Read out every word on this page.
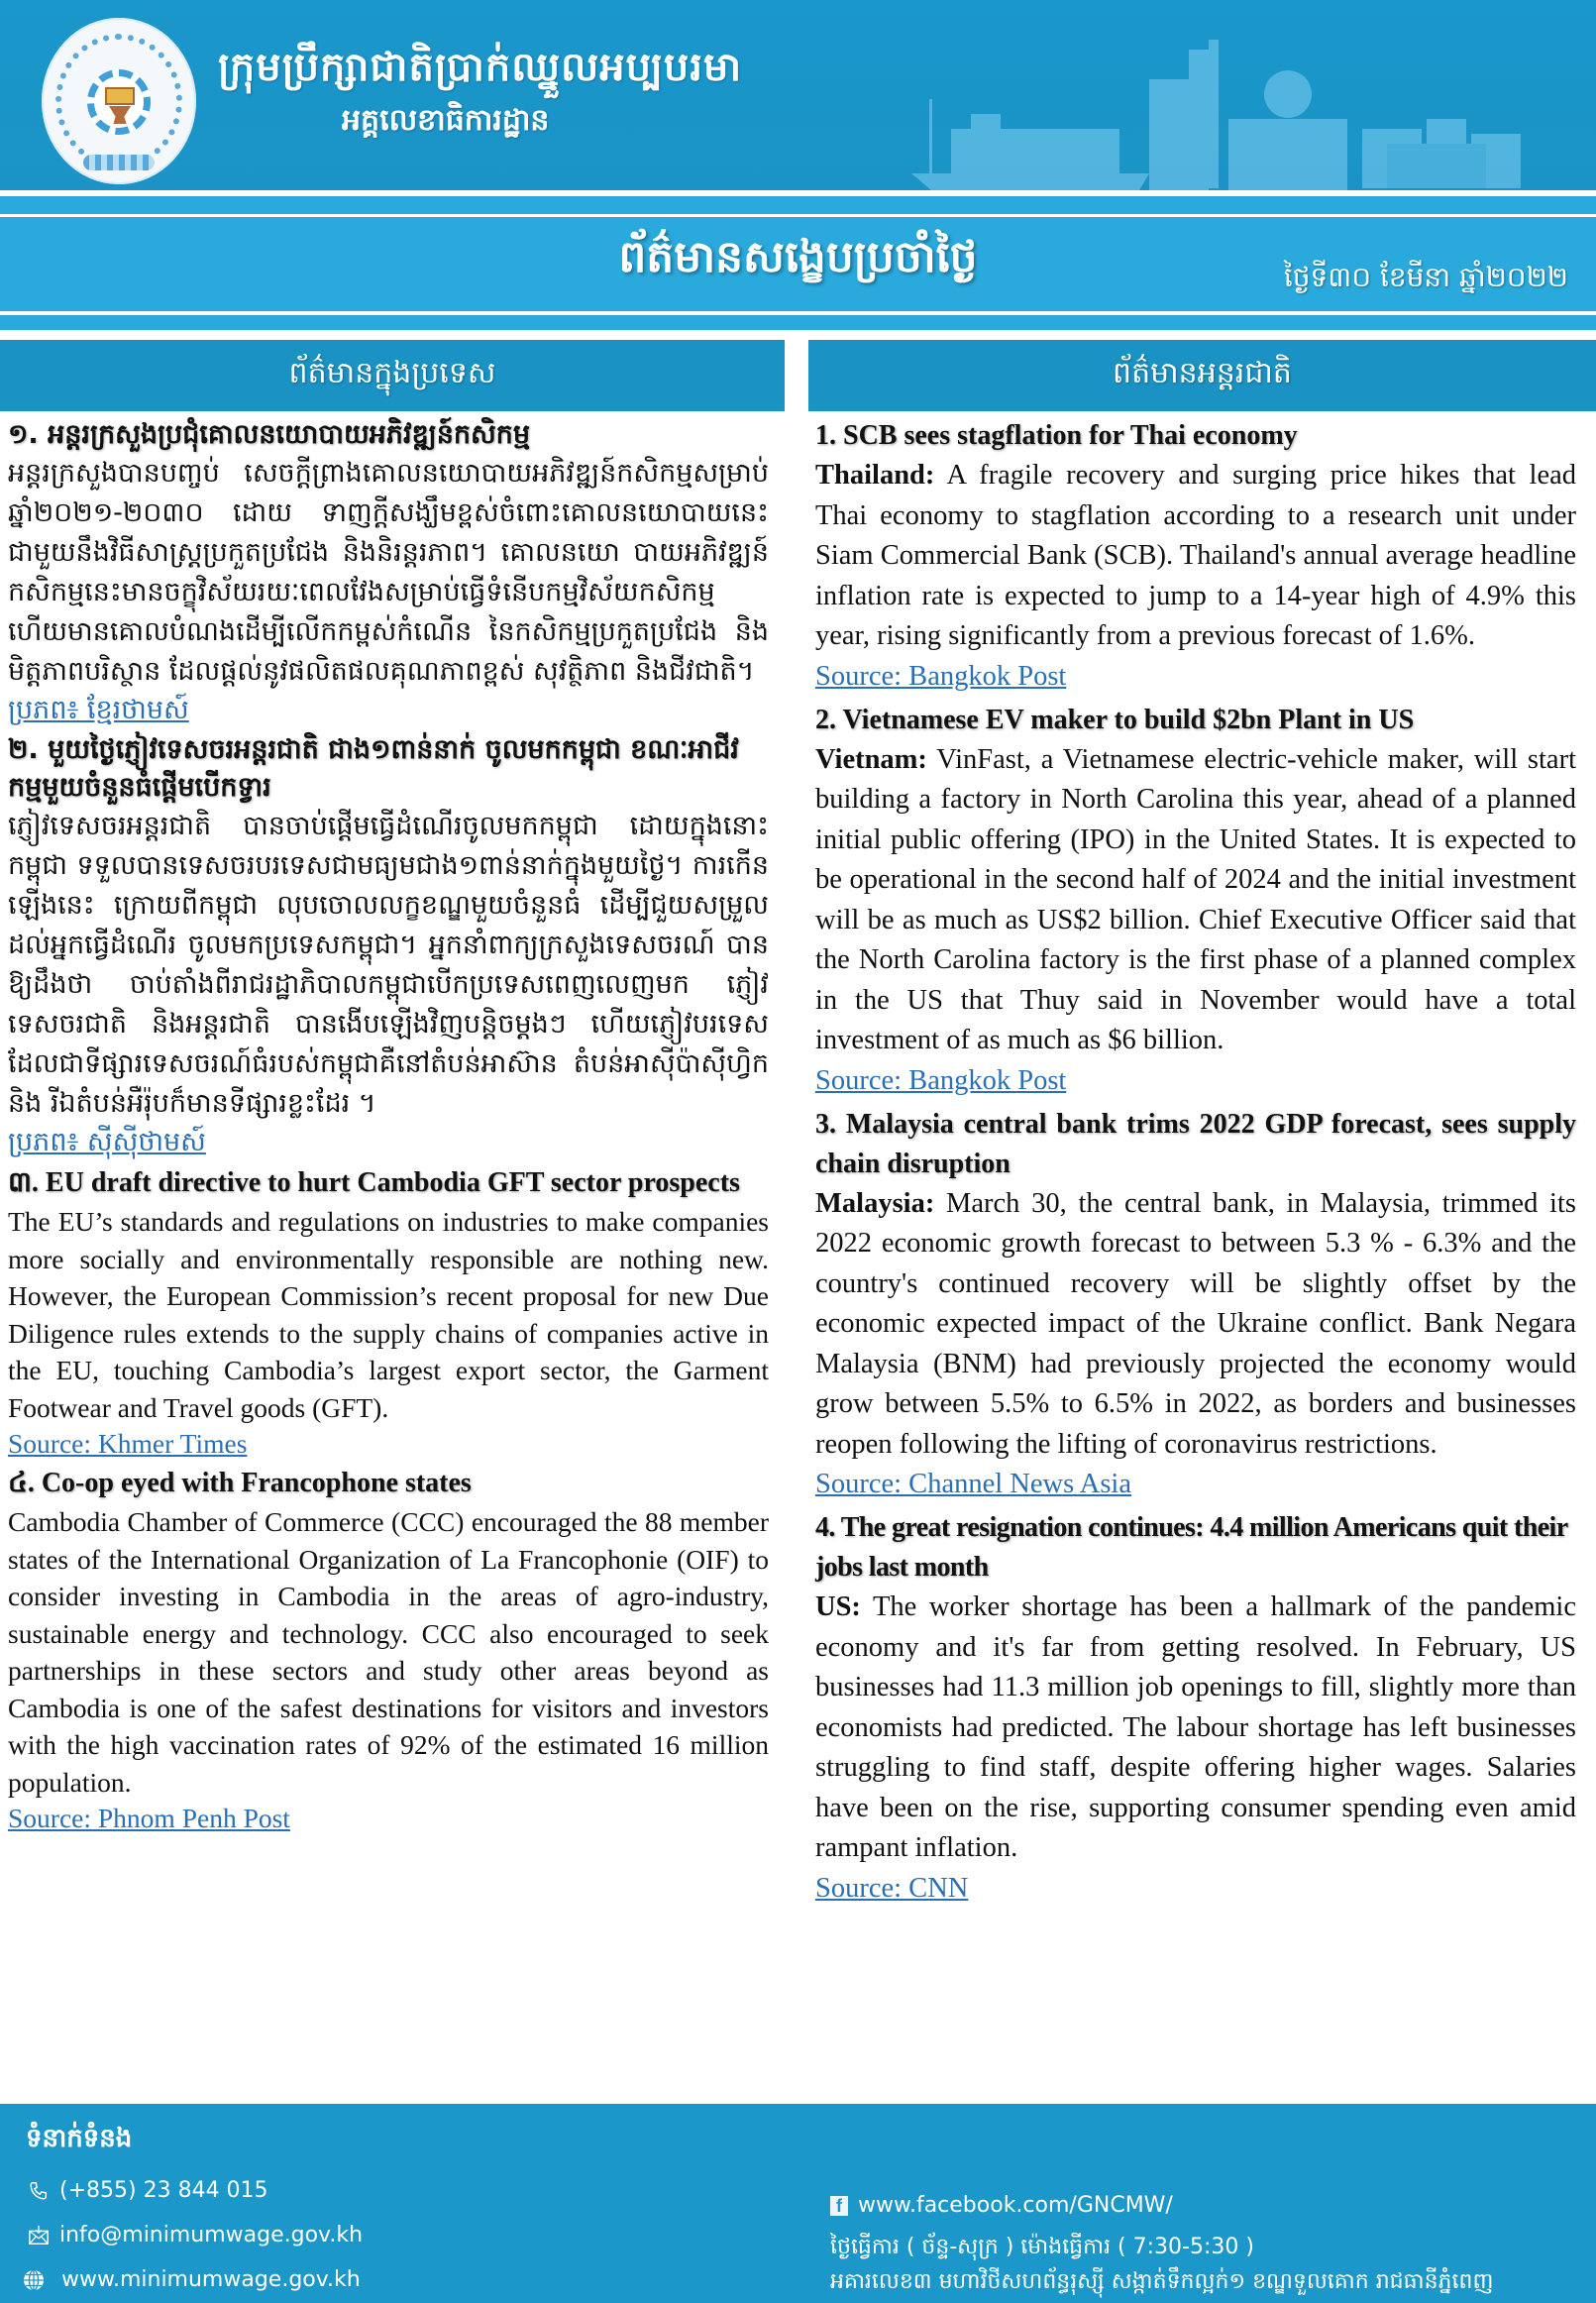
ក្រុមប្រឹក្សាជាតិប្រាក់ឈ្នួលអប្បបរមា
អគ្គលេខាធិការដ្ឋាន
ព័ត៌មានសង្ខេបប្រចាំថ្ងៃ	ថ្ងៃទី៣០ ខែមីនា ឆ្នាំ២០២២
ព័ត៌មានក្នុងប្រទេស	ព័ត៌មានអន្តរជាតិ

១. អន្តរក្រសួងប្រជុំគោលនយោបាយអភិវឌ្ឍន៍កសិកម្ម

អន្តរក្រសួងបានបញ្ចប់ សេចក្តីព្រាងគោលនយោបាយអភិវឌ្ឍន៍កសិកម្មសម្រាប់ឆ្នាំ២០២១-២០៣០ ដោយ ទាញក្តីសង្ឃឹមខ្ពស់ចំពោះគោលនយោបាយនេះជាមួយនឹងវិធីសាស្ត្រប្រកួតប្រជែង និងនិរន្តរភាព។ គោលនយោ បាយអភិវឌ្ឍន៍កសិកម្មនេះមានចក្ខុវិស័យរយៈពេលវែងសម្រាប់ធ្វើទំនើបកម្មវិស័យកសិកម្ម ហើយមានគោលបំណងដើម្បីលើកកម្ពស់កំណើន នៃកសិកម្មប្រកួតប្រជែង និងមិត្តភាពបរិស្ថាន ដែលផ្តល់នូវផលិតផលគុណភាពខ្ពស់ សុវត្ថិភាព និងជីវជាតិ។

ប្រភព៖ ខ្មែរថាមស៍

២. មួយថ្ងៃភ្ញៀវទេសចរអន្តរជាតិ ជាង១ពាន់នាក់ ចូលមកកម្ពុជា ខណៈអាជីវកម្មមួយចំនួនធំផ្តើមបើកទ្វារ

ភ្ញៀវទេសចរអន្តរជាតិ បានចាប់ផ្តើមធ្វើដំណើរចូលមកកម្ពុជា ដោយក្នុងនោះកម្ពុជា ទទួលបានទេសចរបរទេសជាមធ្យមជាង១ពាន់នាក់ក្នុងមួយថ្ងៃ។ ការកើនឡើងនេះ ក្រោយពីកម្ពុជា លុបចោលលក្ខខណ្ឌមួយចំនួនធំ ដើម្បីជួយសម្រួលដល់អ្នកធ្វើដំណើរ ចូលមកប្រទេសកម្ពុជា។ អ្នកនាំពាក្យក្រសួងទេសចរណ៍ បានឱ្យដឹងថា ចាប់តាំងពីរាជរដ្ឋាភិបាលកម្ពុជាបើកប្រទេសពេញលេញមក ភ្ញៀវទេសចរជាតិ និងអន្តរជាតិ បានងើបឡើងវិញបន្តិចម្តងៗ ហើយភ្ញៀវបរទេសដែលជាទីផ្សារទេសចរណ៍ធំរបស់កម្ពុជាគឺនៅតំបន់អាស៊ាន តំបន់អាស៊ីប៉ាស៊ីហ្វិក និង រីឯតំបន់អឺរ៉ុបក៏មានទីផ្សារខ្លះដែរ ។

ប្រភព៖ ស៊ីស៊ីថាមស៍

៣. EU draft directive to hurt Cambodia GFT sector prospects

The EU’s standards and regulations on industries to make companies more socially and environmentally responsible are nothing new. However, the European Commission’s recent proposal for new Due Diligence rules extends to the supply chains of companies active in the EU, touching Cambodia’s largest export sector, the Garment Footwear and Travel goods (GFT).

Source: Khmer Times

៤. Co-op eyed with Francophone states

Cambodia Chamber of Commerce (CCC) encouraged the 88 member states of the International Organization of La Francophonie (OIF) to consider investing in Cambodia in the areas of agro-industry, sustainable energy and technology. CCC also encouraged to seek partnerships in these sectors and study other areas beyond as Cambodia is one of the safest destinations for visitors and investors with the high vaccination rates of 92% of the estimated 16 million population.

Source: Phnom Penh Post

1. SCB sees stagflation for Thai economy

Thailand: A fragile recovery and surging price hikes that lead Thai economy to stagflation according to a research unit under Siam Commercial Bank (SCB). Thailand's annual average headline inflation rate is expected to jump to a 14-year high of 4.9% this year, rising significantly from a previous forecast of 1.6%.

Source: Bangkok Post

2. Vietnamese EV maker to build $2bn Plant in US

Vietnam: VinFast, a Vietnamese electric-vehicle maker, will start building a factory in North Carolina this year, ahead of a planned initial public offering (IPO) in the United States. It is expected to be operational in the second half of 2024 and the initial investment will be as much as US$2 billion. Chief Executive Officer said that the North Carolina factory is the first phase of a planned complex in the US that Thuy said in November would have a total investment of as much as $6 billion.

Source: Bangkok Post

3. Malaysia central bank trims 2022 GDP forecast, sees supply chain disruption

Malaysia: March 30, the central bank, in Malaysia, trimmed its 2022 economic growth forecast to between 5.3 % - 6.3% and the country's continued recovery will be slightly offset by the economic expected impact of the Ukraine conflict. Bank Negara Malaysia (BNM) had previously projected the economy would grow between 5.5% to 6.5% in 2022, as borders and businesses reopen following the lifting of coronavirus restrictions.

Source: Channel News Asia

4. The great resignation continues: 4.4 million Americans quit their jobs last month

US: The worker shortage has been a hallmark of the pandemic economy and it's far from getting resolved. In February, US businesses had 11.3 million job openings to fill, slightly more than economists had predicted. The labour shortage has left businesses struggling to find staff, despite offering higher wages. Salaries have been on the rise, supporting consumer spending even amid rampant inflation.

Source: CNN
ទំនាក់ទំនង
(+855) 23 844 015
info@minimumwage.gov.kh
www.minimumwage.gov.kh
f www.facebook.com/GNCMW/
ថ្ងៃធ្វើការ ( ច័ន្ទ-សុក្រ ) ម៉ោងធ្វើការ ( 7:30-5:30 )
អគារលេខ៣ មហាវិថីសហព័ន្ធរុស្ស៊ី សង្កាត់ទឹកល្អក់១ ខណ្ឌទួលគោក រាជធានីភ្នំពេញ
